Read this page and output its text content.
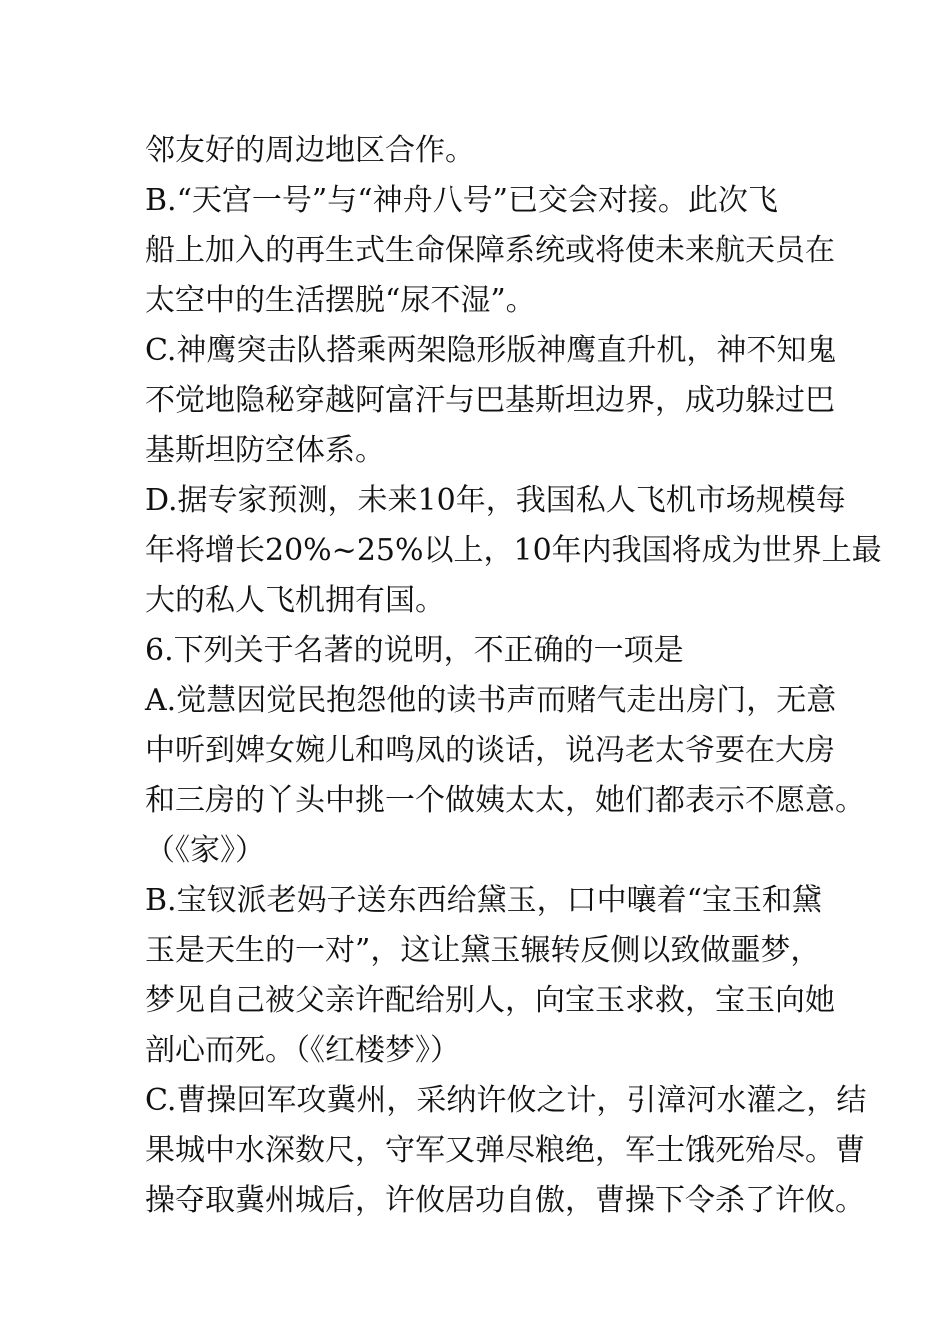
邻友好的周边地区合作。
B.“天宫一号”与“神舟八号”已交会对接。此次飞
船上加入的再生式生命保障系统或将使未来航天员在
太空中的生活摆脱“尿不湿”。
C.神鹰突击队搭乘两架隐形版神鹰直升机，神不知鬼
不觉地隐秘穿越阿富汗与巴基斯坦边界，成功躲过巴
基斯坦防空体系。
D.据专家预测，未来10年，我国私人飞机市场规模每
年将增长20%~25%以上，10年内我国将成为世界上最
大的私人飞机拥有国。
6.下列关于名著的说明，不正确的一项是
A.觉慧因觉民抱怨他的读书声而赌气走出房门，无意
中听到婢女婉儿和鸣凤的谈话，说冯老太爷要在大房
和三房的丫头中挑一个做姨太太，她们都表示不愿意。
（《家》）
B.宝钗派老妈子送东西给黛玉，口中嚷着“宝玉和黛
玉是天生的一对”，这让黛玉辗转反侧以致做噩梦，
梦见自己被父亲许配给别人，向宝玉求救，宝玉向她
剖心而死。（《红楼梦》）
C.曹操回军攻冀州，采纳许攸之计，引漳河水灌之，结
果城中水深数尺，守军又弹尽粮绝，军士饿死殆尽。曹
操夺取冀州城后，许攸居功自傲，曹操下令杀了许攸。
